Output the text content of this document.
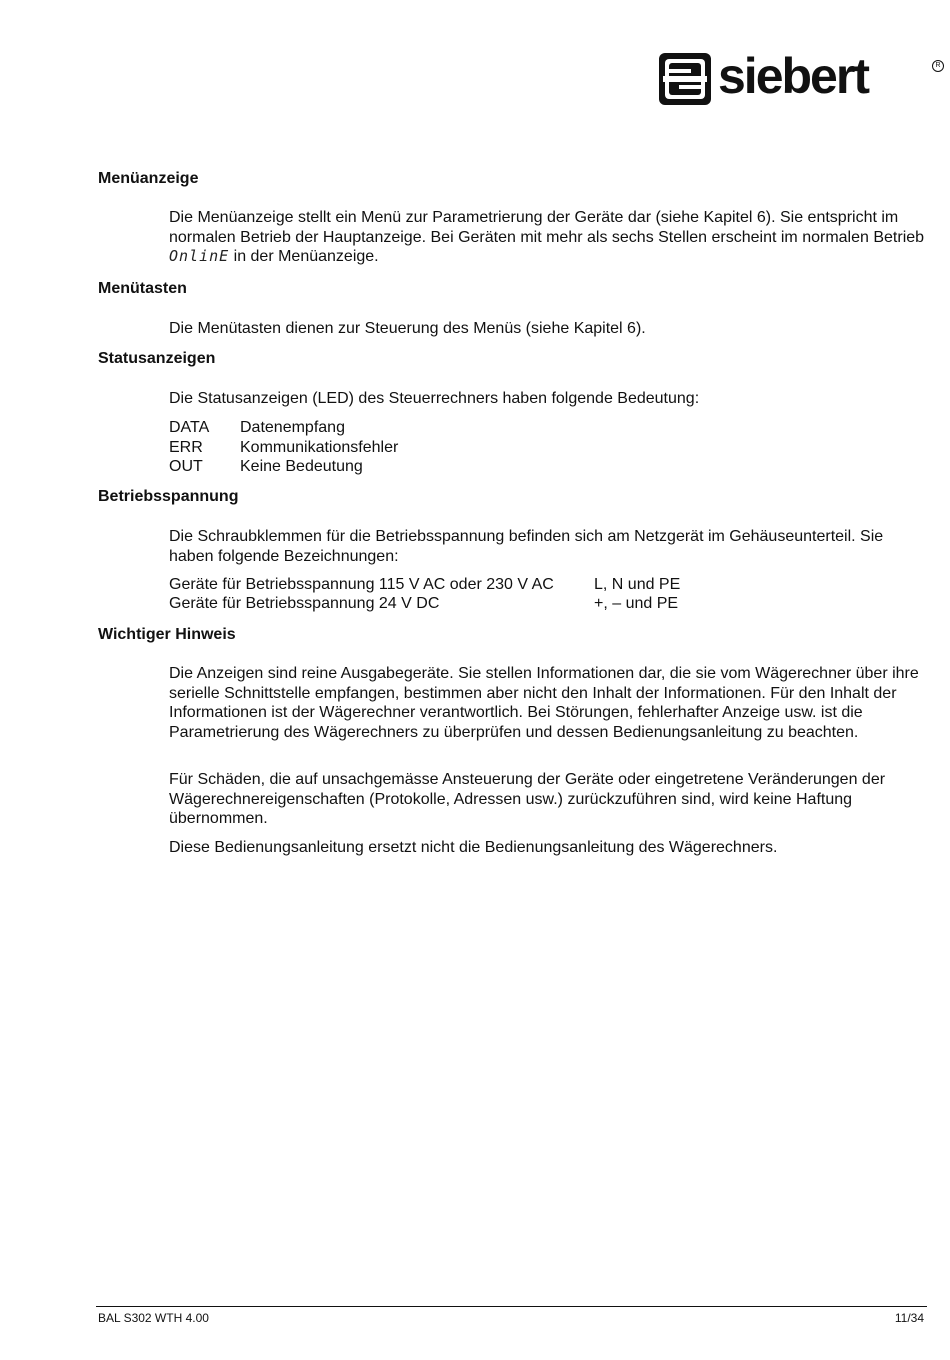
siebert	R
Menüanzeige

Die Menüanzeige stellt ein Menü zur Parametrierung der Geräte dar (siehe Kapitel 6). Sie entspricht im normalen Betrieb der Hauptanzeige. Bei Geräten mit mehr als sechs Stellen erscheint im normalen Betrieb OnlinE in der Menüanzeige.

Menütasten
Die Menütasten dienen zur Steuerung des Menüs (siehe Kapitel 6).
Statusanzeigen
Die Statusanzeigen (LED) des Steuerrechners haben folgende Bedeutung:
DATA Datenempfang
ERR Kommunikationsfehler
OUT Keine Bedeutung
Betriebsspannung
Die Schraubklemmen für die Betriebsspannung befinden sich am Netzgerät im Gehäuseunterteil. Sie haben folgende Bezeichnungen:
Geräte für Betriebsspannung 115 V AC oder 230 V AC	L, N und PE
Geräte für Betriebsspannung 24 V DC	+, – und PE
Wichtiger Hinweis
Die Anzeigen sind reine Ausgabegeräte. Sie stellen Informationen dar, die sie vom Wägerechner über ihre serielle Schnittstelle empfangen, bestimmen aber nicht den Inhalt der Informationen. Für den Inhalt der Informationen ist der Wägerechner verantwortlich. Bei Störungen, fehlerhafter Anzeige usw. ist die Parametrierung des Wägerechners zu überprüfen und dessen Bedienungsanleitung zu beachten.
Für Schäden, die auf unsachgemässe Ansteuerung der Geräte oder eingetretene Veränderungen der Wägerechnereigenschaften (Protokolle, Adressen usw.) zurückzuführen sind, wird keine Haftung übernommen.
Diese Bedienungsanleitung ersetzt nicht die Bedienungsanleitung des Wägerechners.
BAL S302 WTH 4.00	11/34
